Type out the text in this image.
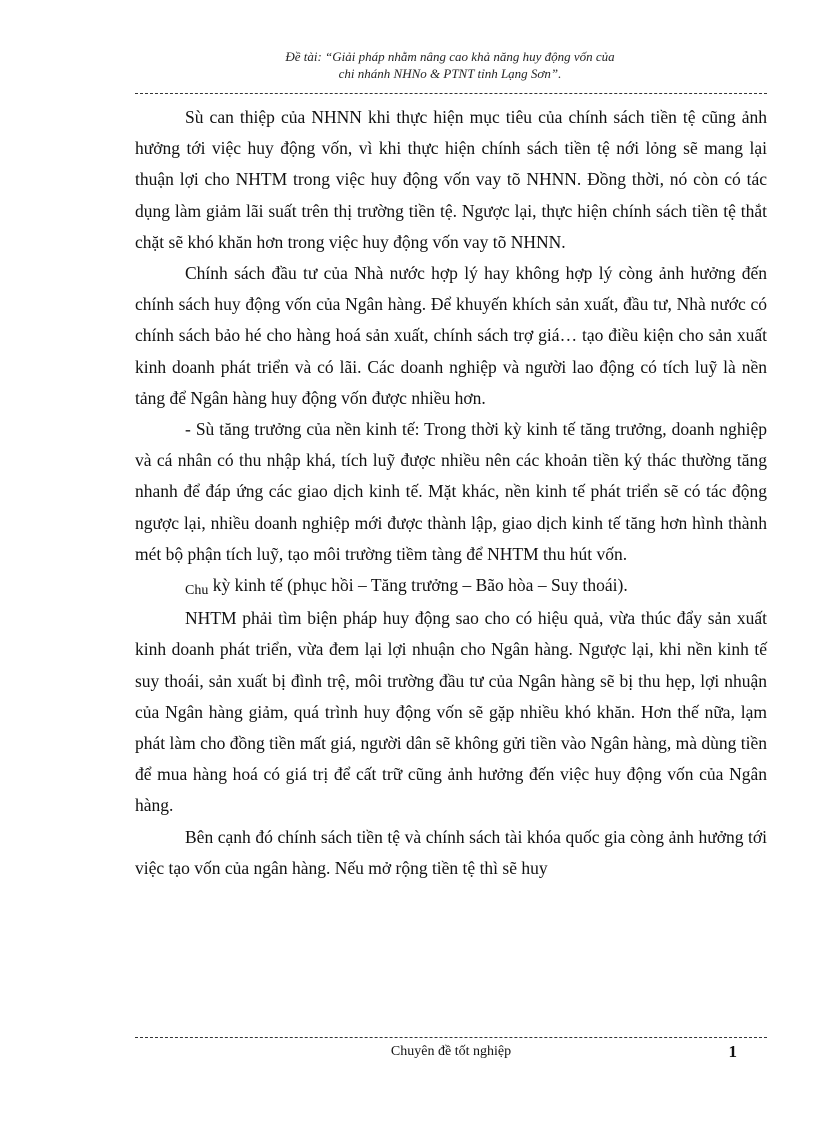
Đề tài: “Giải pháp nhằm nâng cao khả năng huy động vốn của
chi nhánh NHNo & PTNT tỉnh Lạng Sơn”.

Sù can thiệp của NHNN khi thực hiện mục tiêu của chính sách tiền tệ cũng ảnh hưởng tới việc huy động vốn, vì khi thực hiện chính sách tiền tệ nới lỏng sẽ mang lại thuận lợi cho NHTM trong việc huy động vốn vay tõ NHNN. Đồng thời, nó còn có tác dụng làm giảm lãi suất trên thị trường tiền tệ. Ngược lại, thực hiện chính sách tiền tệ thắt chặt sẽ khó khăn hơn trong việc huy động vốn vay tõ NHNN.

Chính sách đầu tư của Nhà nước hợp lý hay không hợp lý còng ảnh hưởng đến chính sách huy động vốn của Ngân hàng. Để khuyến khích sản xuất, đầu tư, Nhà nước có chính sách bảo hé cho hàng hoá sản xuất, chính sách trợ giá… tạo điều kiện cho sản xuất kinh doanh phát triển và có lãi. Các doanh nghiệp và người lao động có tích luỹ là nền tảng để Ngân hàng huy động vốn được nhiều hơn.

- Sù tăng trưởng của nền kinh tế: Trong thời kỳ kinh tế tăng trưởng, doanh nghiệp và cá nhân có thu nhập khá, tích luỹ được nhiều nên các khoản tiền ký thác thường tăng nhanh để đáp ứng các giao dịch kinh tế. Mặt khác, nền kinh tế phát triển sẽ có tác động ngược lại, nhiều doanh nghiệp mới được thành lập, giao dịch kinh tế tăng hơn hình thành mét bộ phận tích luỹ, tạo môi trường tiềm tàng để NHTM thu hút vốn.

Chu kỳ kinh tế (phục hồi – Tăng trưởng – Bão hòa – Suy thoái).

NHTM phải tìm biện pháp huy động sao cho có hiệu quả, vừa thúc đẩy sản xuất kinh doanh phát triển, vừa đem lại lợi nhuận cho Ngân hàng. Ngược lại, khi nền kinh tế suy thoái, sản xuất bị đình trệ, môi trường đầu tư của Ngân hàng sẽ bị thu hẹp, lợi nhuận của Ngân hàng giảm, quá trình huy động vốn sẽ gặp nhiều khó khăn. Hơn thế nữa, lạm phát làm cho đồng tiền mất giá, người dân sẽ không gửi tiền vào Ngân hàng, mà dùng tiền để mua hàng hoá có giá trị để cất trữ cũng ảnh hưởng đến việc huy động vốn của Ngân hàng.

Bên cạnh đó chính sách tiền tệ và chính sách tài khóa quốc gia còng ảnh hưởng tới việc tạo vốn của ngân hàng. Nếu mở rộng tiền tệ thì sẽ huy

Chuyên đề tốt nghiệp	1
